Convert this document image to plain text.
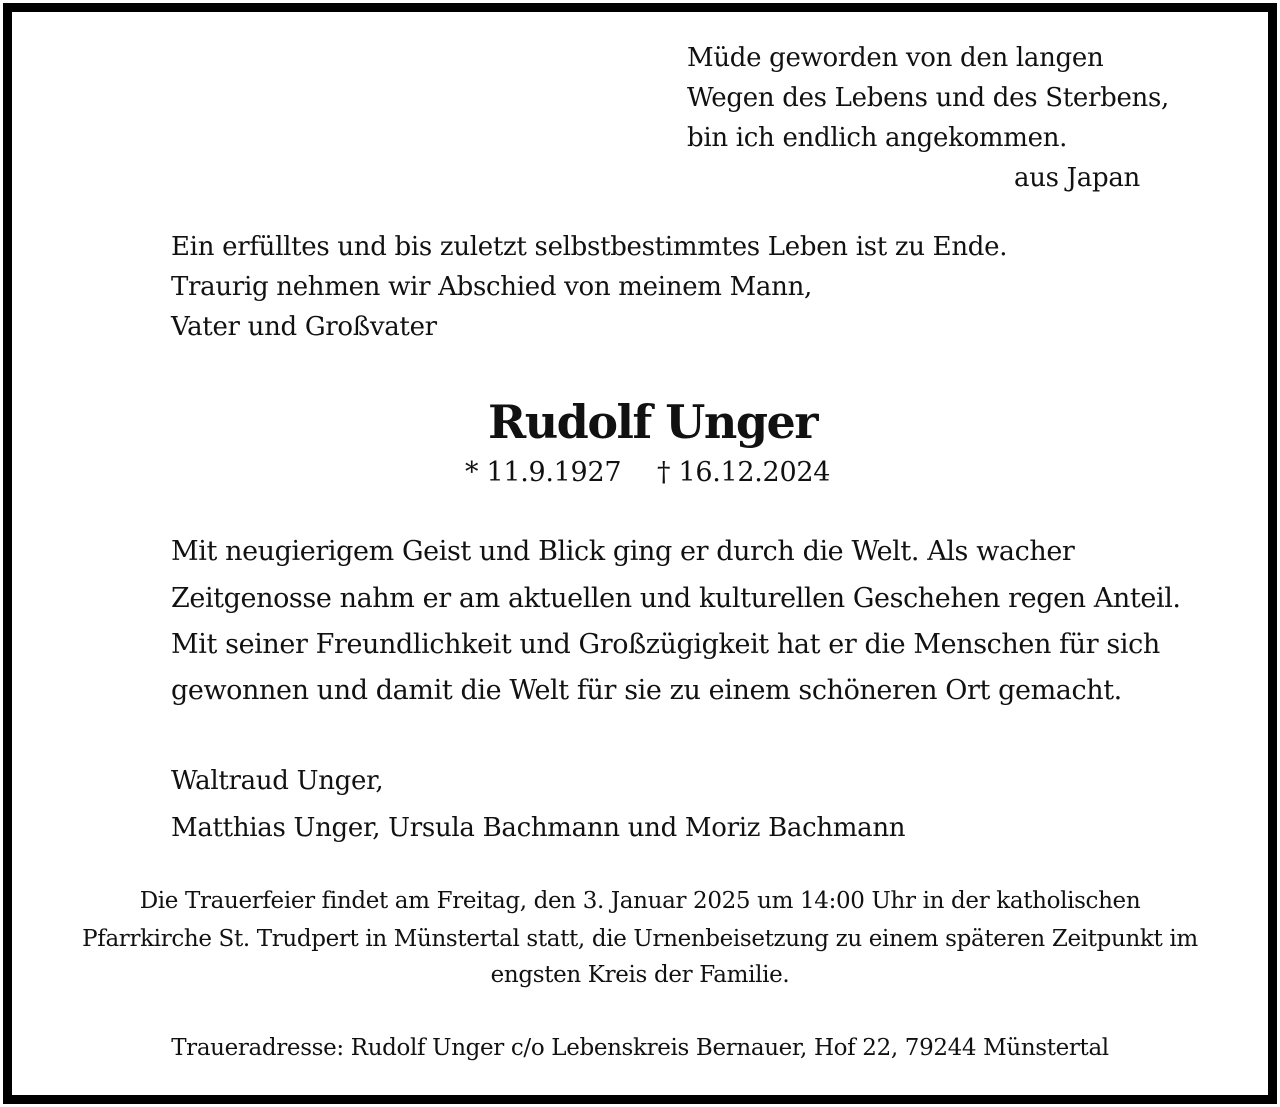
Müde geworden von den langen
Wegen des Lebens und des Sterbens,
bin ich endlich angekommen.
aus Japan
Ein erfülltes und bis zuletzt selbstbestimmtes Leben ist zu Ende.
Traurig nehmen wir Abschied von meinem Mann,
Vater und Großvater
Rudolf Unger
* 11.9.1927 † 16.12.2024
Mit neugierigem Geist und Blick ging er durch die Welt. Als wacher
Zeitgenosse nahm er am aktuellen und kulturellen Geschehen regen Anteil.
Mit seiner Freundlichkeit und Großzügigkeit hat er die Menschen für sich
gewonnen und damit die Welt für sie zu einem schöneren Ort gemacht.
Waltraud Unger,
Matthias Unger, Ursula Bachmann und Moriz Bachmann
Die Trauerfeier findet am Freitag, den 3. Januar 2025 um 14:00 Uhr in der katholischen
Pfarrkirche St. Trudpert in Münstertal statt, die Urnenbeisetzung zu einem späteren Zeitpunkt im
engsten Kreis der Familie.
Traueradresse: Rudolf Unger c/o Lebenskreis Bernauer, Hof 22, 79244 Münstertal
